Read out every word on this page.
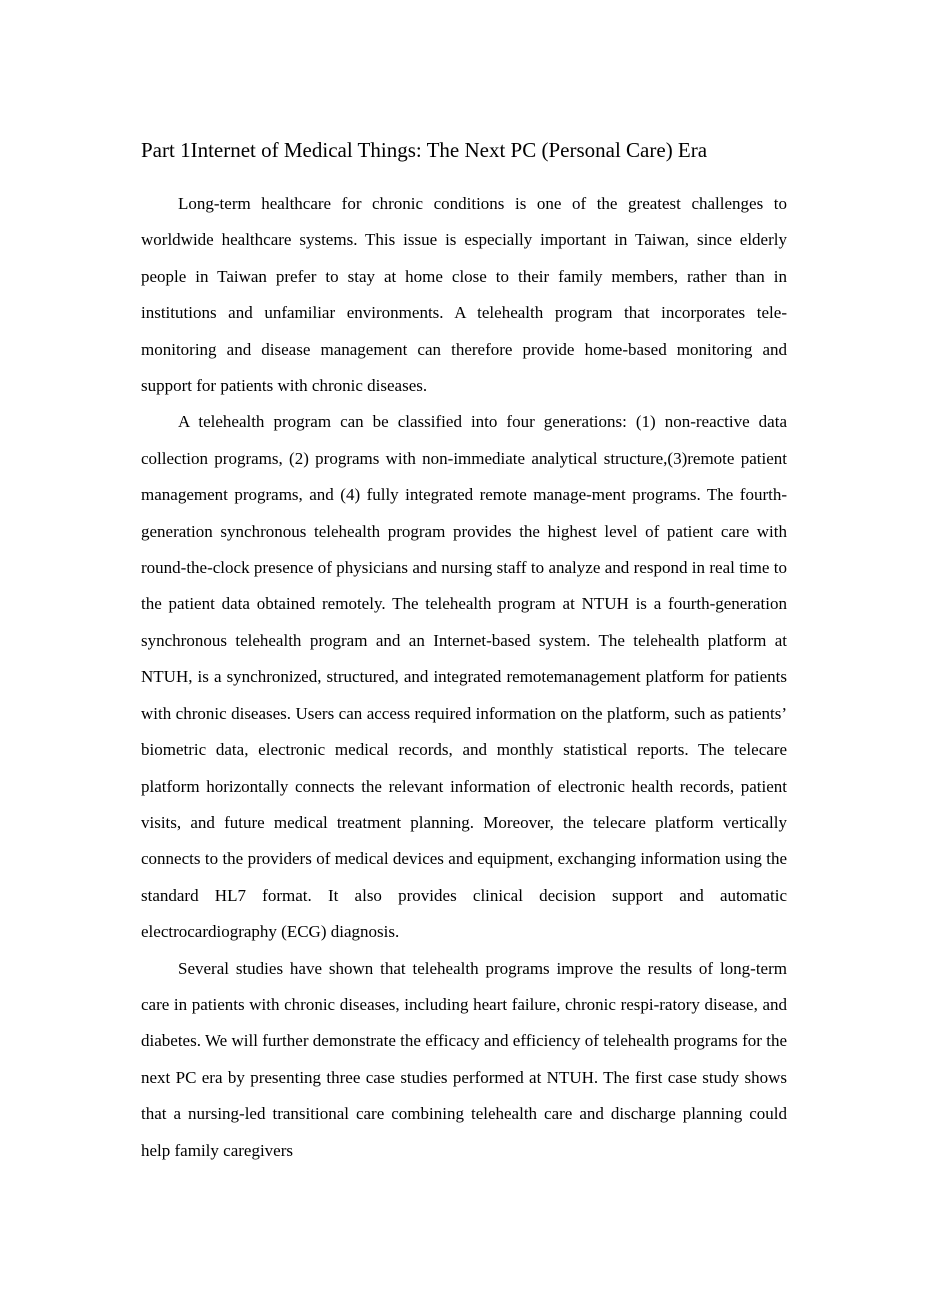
Part 1Internet of Medical Things: The Next PC (Personal Care) Era

Long-term healthcare for chronic conditions is one of the greatest challenges to worldwide healthcare systems. This issue is especially important in Taiwan, since elderly people in Taiwan prefer to stay at home close to their family members, rather than in institutions and unfamiliar environments. A telehealth program that incorporates tele-monitoring and disease management can therefore provide home-based monitoring and support for patients with chronic diseases.

A telehealth program can be classified into four generations: (1) non-reactive data collection programs, (2) programs with non-immediate analytical structure,(3)remote patient management programs, and (4) fully integrated remote manage-ment programs. The fourth-generation synchronous telehealth program provides the highest level of patient care with round-the-clock presence of physicians and nursing staff to analyze and respond in real time to the patient data obtained remotely. The telehealth program at NTUH is a fourth-generation synchronous telehealth program and an Internet-based system. The telehealth platform at NTUH, is a synchronized, structured, and integrated remotemanagement platform for patients with chronic diseases. Users can access required information on the platform, such as patients’ biometric data, electronic medical records, and monthly statistical reports. The telecare platform horizontally connects the relevant information of electronic health records, patient visits, and future medical treatment planning. Moreover, the telecare platform vertically connects to the providers of medical devices and equipment, exchanging information using the standard HL7 format. It also provides clinical decision support and automatic electrocardiography (ECG) diagnosis.

Several studies have shown that telehealth programs improve the results of long-term care in patients with chronic diseases, including heart failure, chronic respi-ratory disease, and diabetes. We will further demonstrate the efficacy and efficiency of telehealth programs for the next PC era by presenting three case studies performed at NTUH. The first case study shows that a nursing-led transitional care combining telehealth care and discharge planning could help family caregivers
